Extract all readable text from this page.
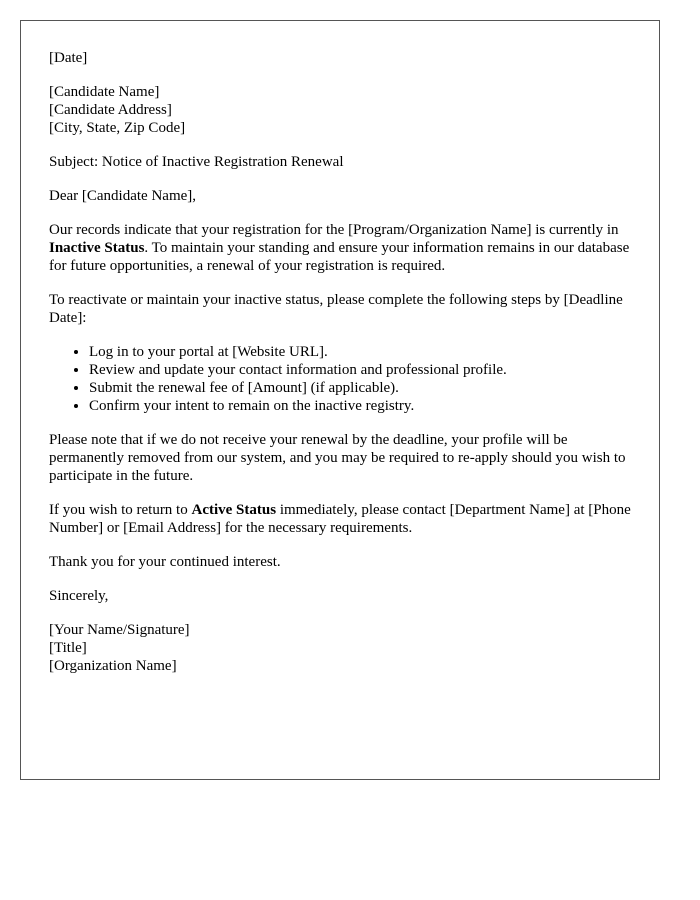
[Date]
[Candidate Name]
[Candidate Address]
[City, State, Zip Code]
Subject: Notice of Inactive Registration Renewal
Dear [Candidate Name],

Our records indicate that your registration for the [Program/Organization Name] is currently in Inactive Status. To maintain your standing and ensure your information remains in our database for future opportunities, a renewal of your registration is required.

To reactivate or maintain your inactive status, please complete the following steps by [Deadline Date]:

• Log in to your portal at [Website URL].
• Review and update your contact information and professional profile.
• Submit the renewal fee of [Amount] (if applicable).
• Confirm your intent to remain on the inactive registry.

Please note that if we do not receive your renewal by the deadline, your profile will be permanently removed from our system, and you may be required to re-apply should you wish to participate in the future.

If you wish to return to Active Status immediately, please contact [Department Name] at [Phone Number] or [Email Address] for the necessary requirements.

Thank you for your continued interest.

Sincerely,

[Your Name/Signature]
[Title]
[Organization Name]
